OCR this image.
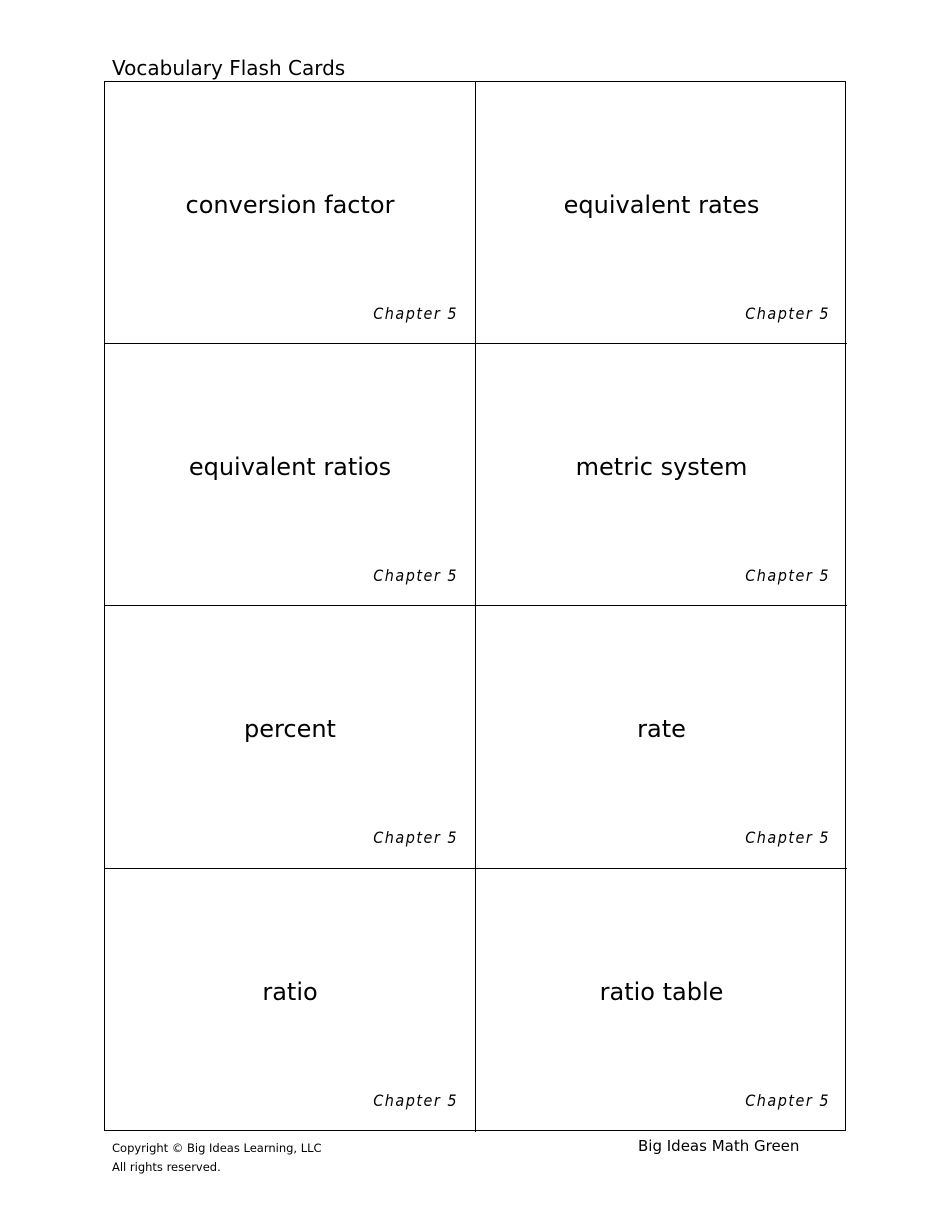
Vocabulary Flash Cards
conversion factor
Chapter 5
equivalent rates
Chapter 5
equivalent ratios
Chapter 5
metric system
Chapter 5
percent
Chapter 5
rate
Chapter 5
ratio
Chapter 5
ratio table
Chapter 5
Copyright © Big Ideas Learning, LLC
All rights reserved.
Big Ideas Math Green
